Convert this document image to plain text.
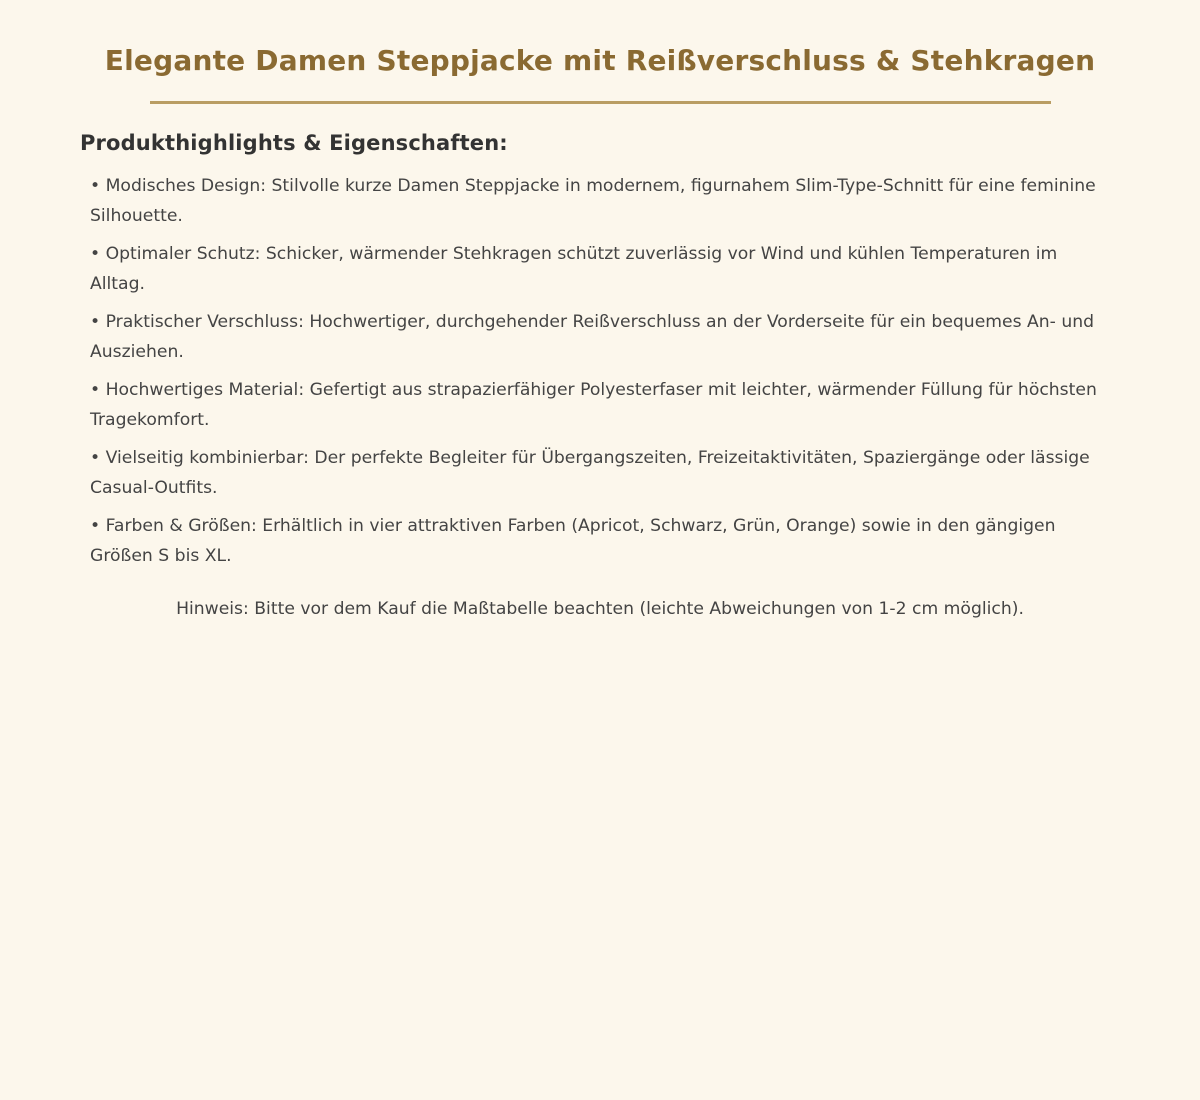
Elegante Damen Steppjacke mit Reißverschluss & Stehkragen
Produkthighlights & Eigenschaften:
• Modisches Design: Stilvolle kurze Damen Steppjacke in modernem, figurnahem Slim-Type-Schnitt für eine feminine Silhouette.
• Optimaler Schutz: Schicker, wärmender Stehkragen schützt zuverlässig vor Wind und kühlen Temperaturen im Alltag.
• Praktischer Verschluss: Hochwertiger, durchgehender Reißverschluss an der Vorderseite für ein bequemes An- und Ausziehen.
• Hochwertiges Material: Gefertigt aus strapazierfähiger Polyesterfaser mit leichter, wärmender Füllung für höchsten Tragekomfort.
• Vielseitig kombinierbar: Der perfekte Begleiter für Übergangszeiten, Freizeitaktivitäten, Spaziergänge oder lässige Casual-Outfits.
• Farben & Größen: Erhältlich in vier attraktiven Farben (Apricot, Schwarz, Grün, Orange) sowie in den gängigen Größen S bis XL.

Hinweis: Bitte vor dem Kauf die Maßtabelle beachten (leichte Abweichungen von 1-2 cm möglich).
